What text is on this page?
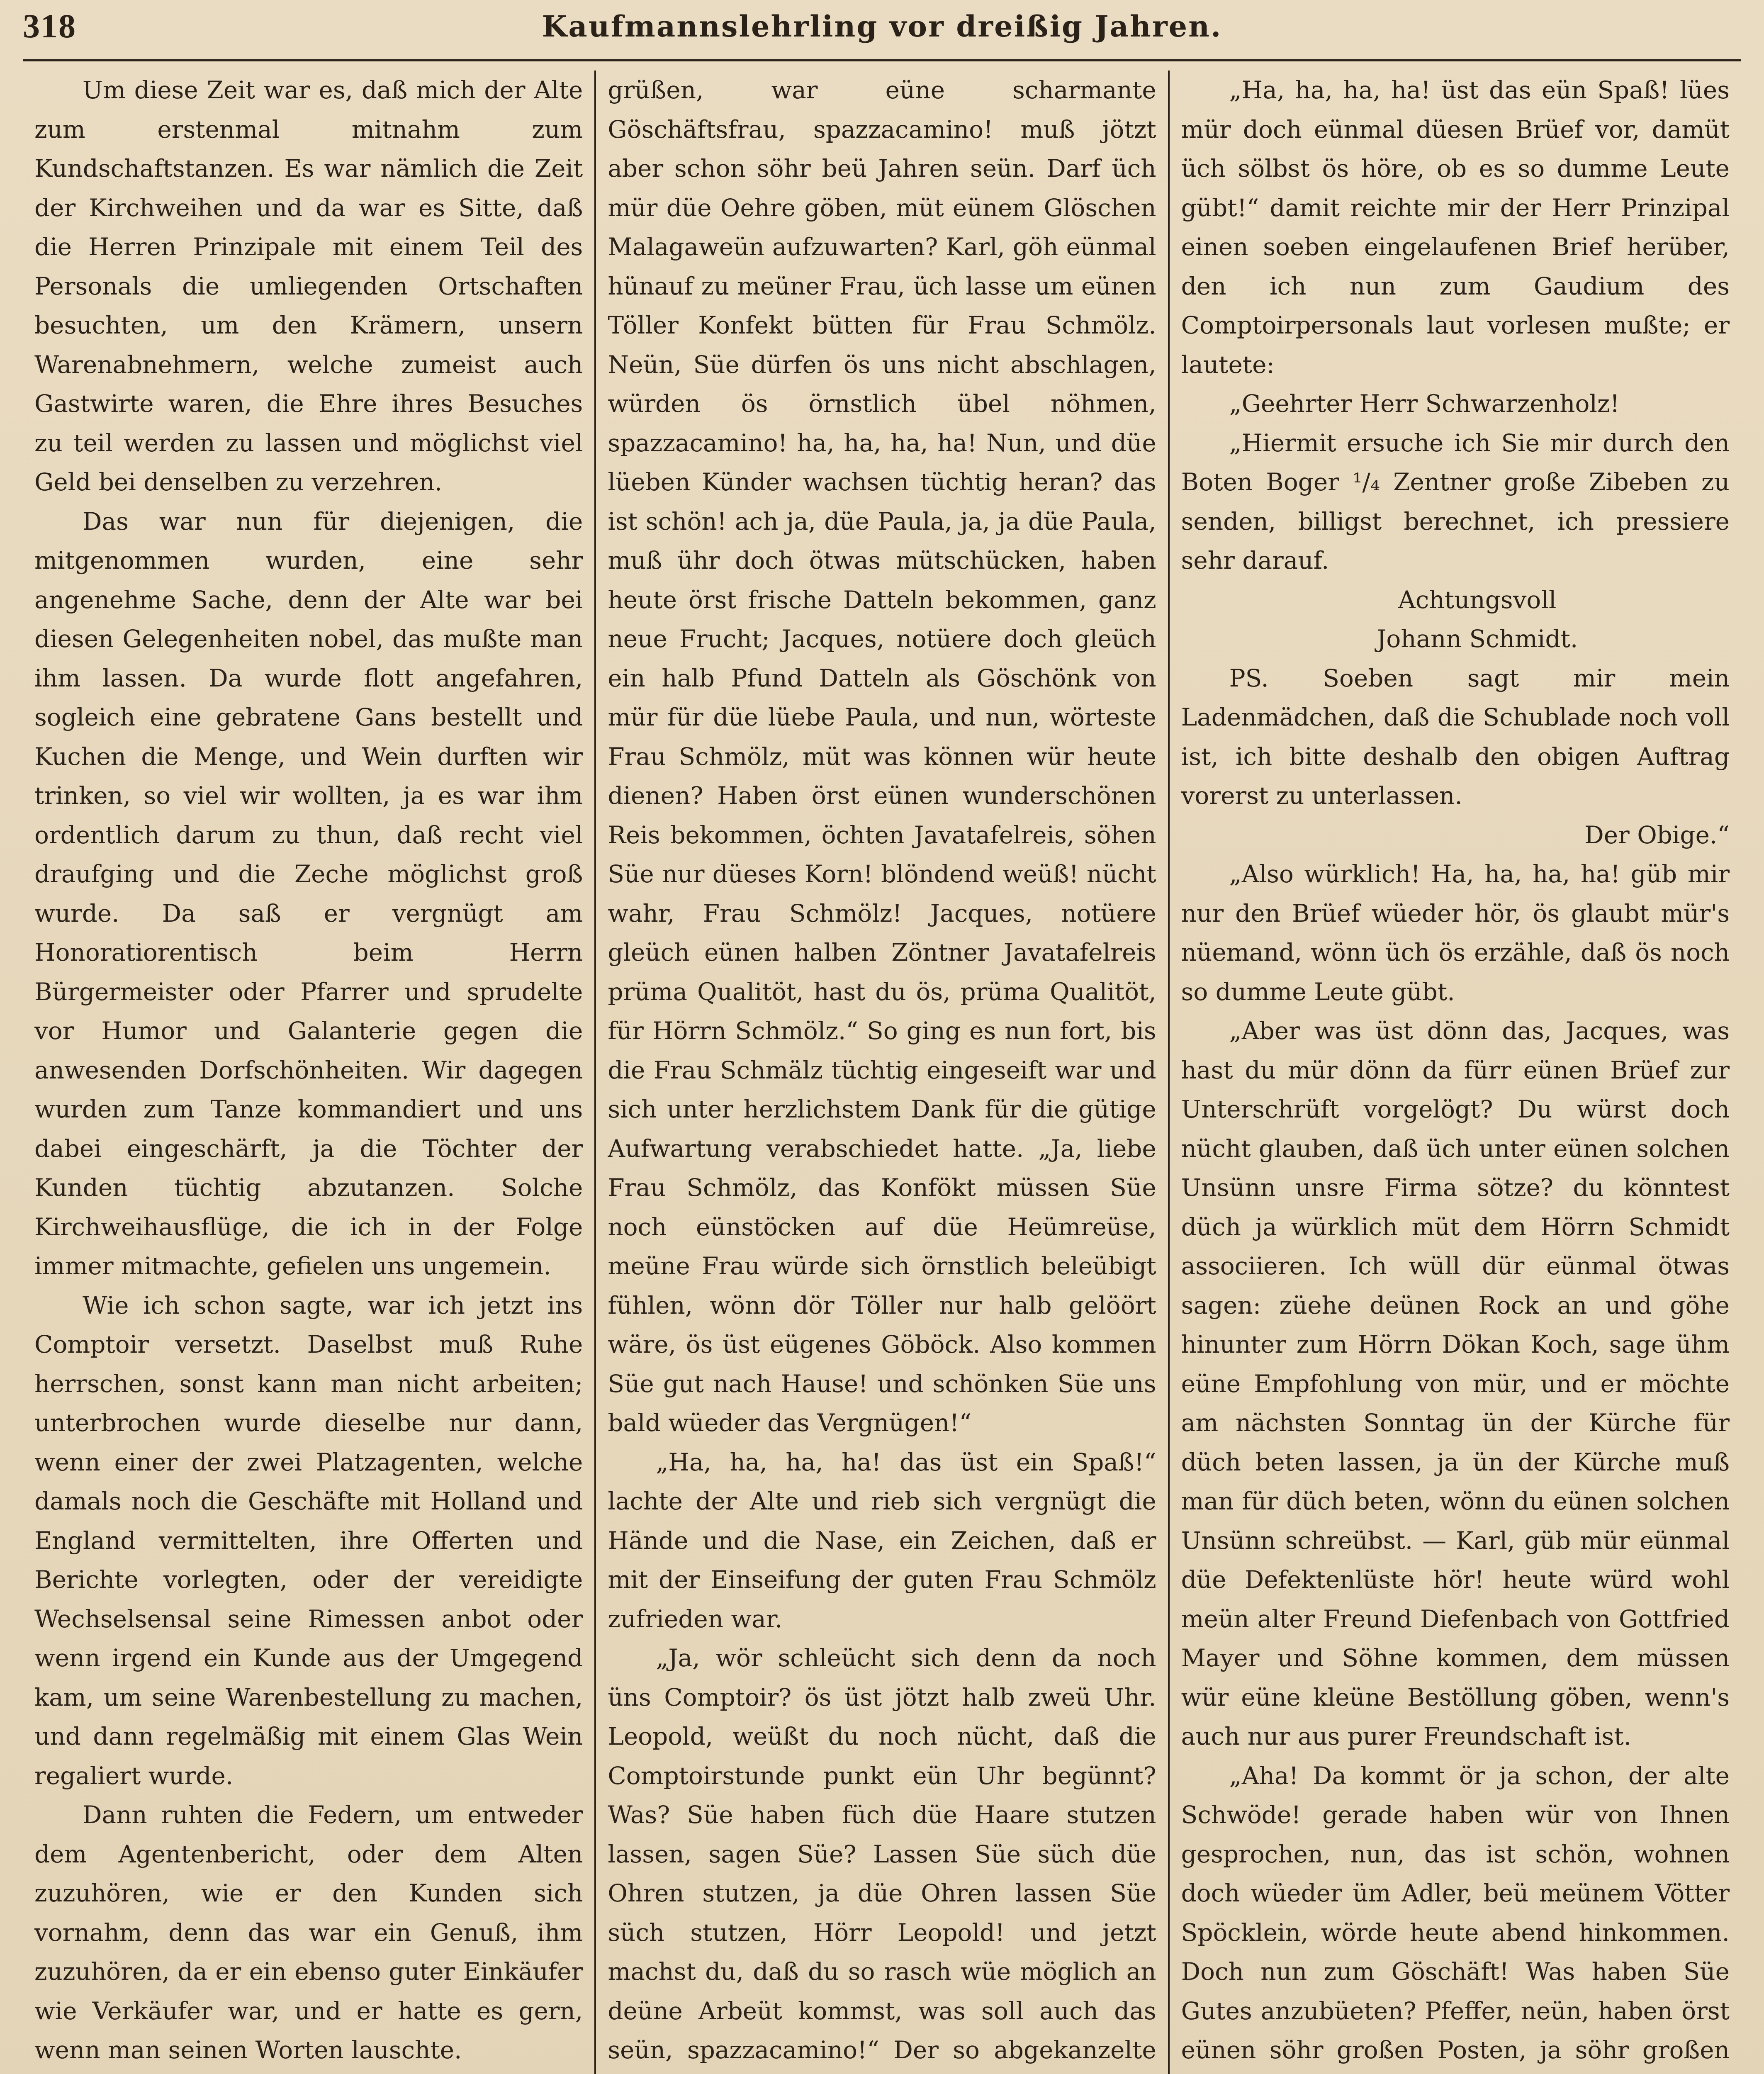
318	Kaufmannslehrling vor dreißig Jahren.

Um diese Zeit war es, daß mich der Alte zum erstenmal mitnahm zum Kundschaftstanzen. Es war nämlich die Zeit der Kirchweihen und da war es Sitte, daß die Herren Prinzipale mit einem Teil des Personals die umliegenden Ortschaften besuchten, um den Krämern, unsern Warenabnehmern, welche zumeist auch Gastwirte waren, die Ehre ihres Besuches zu teil werden zu lassen und möglichst viel Geld bei denselben zu verzehren.

Das war nun für diejenigen, die mitgenommen wurden, eine sehr angenehme Sache, denn der Alte war bei diesen Gelegenheiten nobel, das mußte man ihm lassen. Da wurde flott angefahren, sogleich eine gebratene Gans bestellt und Kuchen die Menge, und Wein durften wir trinken, so viel wir wollten, ja es war ihm ordentlich darum zu thun, daß recht viel draufging und die Zeche möglichst groß wurde. Da saß er vergnügt am Honoratiorentisch beim Herrn Bürgermeister oder Pfarrer und sprudelte vor Humor und Galanterie gegen die anwesenden Dorfschönheiten. Wir dagegen wurden zum Tanze kommandiert und uns dabei eingeschärft, ja die Töchter der Kunden tüchtig abzutanzen. Solche Kirchweihausflüge, die ich in der Folge immer mitmachte, gefielen uns ungemein.

Wie ich schon sagte, war ich jetzt ins Comptoir versetzt. Daselbst muß Ruhe herrschen, sonst kann man nicht arbeiten; unterbrochen wurde dieselbe nur dann, wenn einer der zwei Platzagenten, welche damals noch die Geschäfte mit Holland und England vermittelten, ihre Offerten und Berichte vorlegten, oder der vereidigte Wechselsensal seine Rimessen anbot oder wenn irgend ein Kunde aus der Umgegend kam, um seine Warenbestellung zu machen, und dann regelmäßig mit einem Glas Wein regaliert wurde.

Dann ruhten die Federn, um entweder dem Agentenbericht, oder dem Alten zuzuhören, wie er den Kunden sich vornahm, denn das war ein Genuß, ihm zuzuhören, da er ein ebenso guter Einkäufer wie Verkäufer war, und er hatte es gern, wenn man seinen Worten lauschte.

grüßen, war eüne scharmante Göschäftsfrau, spazzacamino! muß jötzt aber schon söhr beü Jahren seün. Darf üch mür düe Oehre göben, müt eünem Glöschen Malagaweün aufzuwarten? Karl, göh eünmal hünauf zu meüner Frau, üch lasse um eünen Töller Konfekt bütten für Frau Schmölz. Neün, Süe dürfen ös uns nicht abschlagen, würden ös örnstlich übel nöhmen, spazzacamino! ha, ha, ha, ha! Nun, und düe lüeben Künder wachsen tüchtig heran? das ist schön! ach ja, düe Paula, ja, ja düe Paula, muß ühr doch ötwas mütschücken, haben heute örst frische Datteln bekommen, ganz neue Frucht; Jacques, notüere doch gleüch ein halb Pfund Datteln als Göschönk von mür für düe lüebe Paula, und nun, wörteste Frau Schmölz, müt was können wür heute dienen? Haben örst eünen wunderschönen Reis bekommen, öchten Javatafelreis, söhen Süe nur düeses Korn! blöndend weüß! nücht wahr, Frau Schmölz! Jacques, notüere gleüch eünen halben Zöntner Javatafelreis prüma Qualitöt, hast du ös, prüma Qualitöt, für Hörrn Schmölz.“ So ging es nun fort, bis die Frau Schmälz tüchtig eingeseift war und sich unter herzlichstem Dank für die gütige Aufwartung verabschiedet hatte. „Ja, liebe Frau Schmölz, das Konfökt müssen Süe noch eünstöcken auf düe Heümreüse, meüne Frau würde sich örnstlich beleübigt fühlen, wönn dör Töller nur halb gelöört wäre, ös üst eügenes Göböck. Also kommen Süe gut nach Hause! und schönken Süe uns bald wüeder das Vergnügen!“

„Ha, ha, ha, ha! das üst ein Spaß!“ lachte der Alte und rieb sich vergnügt die Hände und die Nase, ein Zeichen, daß er mit der Einseifung der guten Frau Schmölz zufrieden war.

„Ja, wör schleücht sich denn da noch üns Comptoir? ös üst jötzt halb zweü Uhr. Leopold, weüßt du noch nücht, daß die Comptoirstunde punkt eün Uhr begünnt? Was? Süe haben füch düe Haare stutzen lassen, sagen Süe? Lassen Süe süch düe Ohren stutzen, ja düe Ohren lassen Süe süch stutzen, Hörr Leopold! und jetzt machst du, daß du so rasch wüe möglich an deüne Arbeüt kommst, was soll auch das seün, spazzacamino!“ Der so abgekanzelte

„Ha, ha, ha, ha! üst das eün Spaß! lües mür doch eünmal düesen Brüef vor, damüt üch sölbst ös höre, ob es so dumme Leute gübt!“ damit reichte mir der Herr Prinzipal einen soeben eingelaufenen Brief herüber, den ich nun zum Gaudium des Comptoirpersonals laut vorlesen mußte; er lautete:

„Geehrter Herr Schwarzenholz!

„Hiermit ersuche ich Sie mir durch den Boten Boger ¹/₄ Zentner große Zibeben zu senden, billigst berechnet, ich pressiere sehr darauf.

Achtungsvoll

Johann Schmidt.

PS. Soeben sagt mir mein Ladenmädchen, daß die Schublade noch voll ist, ich bitte deshalb den obigen Auftrag vorerst zu unterlassen.

Der Obige.“

„Also würklich! Ha, ha, ha, ha! güb mir nur den Brüef wüeder hör, ös glaubt mür's nüemand, wönn üch ös erzähle, daß ös noch so dumme Leute gübt.

„Aber was üst dönn das, Jacques, was hast du mür dönn da fürr eünen Brüef zur Unterschrüft vorgelögt? Du würst doch nücht glauben, daß üch unter eünen solchen Unsünn unsre Firma sötze? du könntest düch ja würklich müt dem Hörrn Schmidt associieren. Ich wüll dür eünmal ötwas sagen: züehe deünen Rock an und göhe hinunter zum Hörrn Dökan Koch, sage ühm eüne Empfohlung von mür, und er möchte am nächsten Sonntag ün der Kürche für düch beten lassen, ja ün der Kürche muß man für düch beten, wönn du eünen solchen Unsünn schreübst. — Karl, güb mür eünmal düe Defektenlüste hör! heute würd wohl meün alter Freund Diefenbach von Gottfried Mayer und Söhne kommen, dem müssen wür eüne kleüne Bestöllung göben, wenn's auch nur aus purer Freundschaft ist.

„Aha! Da kommt ör ja schon, der alte Schwöde! gerade haben wür von Ihnen gesprochen, nun, das ist schön, wohnen doch wüeder üm Adler, beü meünem Vötter Spöcklein, wörde heute abend hinkommen. Doch nun zum Göschäft! Was haben Süe Gutes anzubüeten? Pfeffer, neün, haben örst eünen söhr großen Posten, ja söhr großen
